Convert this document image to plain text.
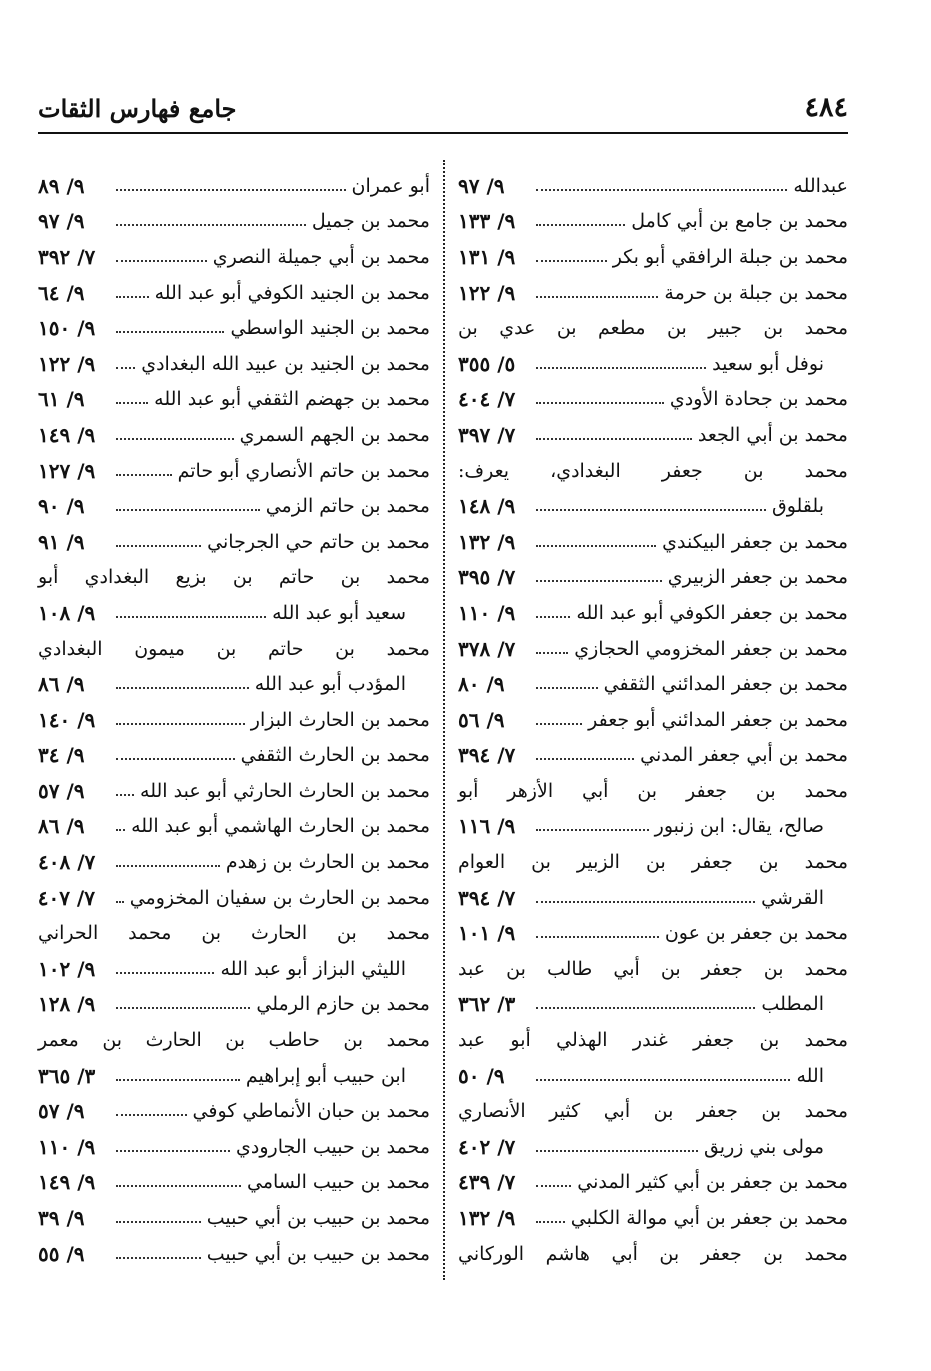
٤٨٤
جامع فهارس الثقات
عبدالله
٩/ ٩٧
محمد بن جامع بن أبي كامل
٩/ ١٣٣
محمد بن جبلة الرافقي أبو بكر
٩/ ١٣١
محمد بن جبلة بن حرمة
٩/ ١٢٢
محمد بن جبير بن مطعم بن عدي بن
نوفل أبو سعيد
٥/ ٣٥٥
محمد بن جحادة الأودي
٧/ ٤٠٤
محمد بن أبي الجعد
٧/ ٣٩٧
محمد بن جعفر البغدادي، يعرف:
بلقلوق
٩/ ١٤٨
محمد بن جعفر البيكندي
٩/ ١٣٢
محمد بن جعفر الزبيري
٧/ ٣٩٥
محمد بن جعفر الكوفي أبو عبد الله
٩/ ١١٠
محمد بن جعفر المخزومي الحجازي
٧/ ٣٧٨
محمد بن جعفر المدائني الثقفي
٩/ ٨٠
محمد بن جعفر المدائني أبو جعفر
٩/ ٥٦
محمد بن أبي جعفر المدني
٧/ ٣٩٤
محمد بن جعفر بن أبي الأزهر أبو
صالح، يقال: ابن زنبور
٩/ ١١٦
محمد بن جعفر بن الزبير بن العوام
القرشي
٧/ ٣٩٤
محمد بن جعفر بن عون
٩/ ١٠١
محمد بن جعفر بن أبي طالب بن عبد
المطلب
٣/ ٣٦٢
محمد بن جعفر غندر الهذلي أبو عبد
الله
٩/ ٥٠
محمد بن جعفر بن أبي كثير الأنصاري
مولى بني زريق
٧/ ٤٠٢
محمد بن جعفر بن أبي كثير المدني
٧/ ٤٣٩
محمد بن جعفر بن أبي موالة الكلبي
٩/ ١٣٢
محمد بن جعفر بن أبي هاشم الوركاني
أبو عمران
٩/ ٨٩
محمد بن جميل
٩/ ٩٧
محمد بن أبي جميلة النصري
٧/ ٣٩٢
محمد بن الجنيد الكوفي أبو عبد الله
٩/ ٦٤
محمد بن الجنيد الواسطي
٩/ ١٥٠
محمد بن الجنيد بن عبيد الله البغدادي
٩/ ١٢٢
محمد بن جهضم الثقفي أبو عبد الله
٩/ ٦١
محمد بن الجهم السمري
٩/ ١٤٩
محمد بن حاتم الأنصاري أبو حاتم
٩/ ١٢٧
محمد بن حاتم الزمي
٩/ ٩٠
محمد بن حاتم حي الجرجاني
٩/ ٩١
محمد بن حاتم بن بزيع البغدادي أبو
سعيد أبو عبد الله
٩/ ١٠٨
محمد بن حاتم بن ميمون البغدادي
المؤدب أبو عبد الله
٩/ ٨٦
محمد بن الحارث البزار
٩/ ١٤٠
محمد بن الحارث الثقفي
٩/ ٣٤
محمد بن الحارث الحارثي أبو عبد الله
٩/ ٥٧
محمد بن الحارث الهاشمي أبو عبد الله
٩/ ٨٦
محمد بن الحارث بن زهدم
٧/ ٤٠٨
محمد بن الحارث بن سفيان المخزومي
٧/ ٤٠٧
محمد بن الحارث بن محمد الحراني
الليثي البزاز أبو عبد الله
٩/ ١٠٢
محمد بن حازم الرملي
٩/ ١٢٨
محمد بن حاطب بن الحارث بن معمر
ابن حبيب أبو إبراهيم
٣/ ٣٦٥
محمد بن حبان الأنماطي كوفي
٩/ ٥٧
محمد بن حبيب الجارودي
٩/ ١١٠
محمد بن حبيب السامي
٩/ ١٤٩
محمد بن حبيب بن أبي حبيب
٩/ ٣٩
محمد بن حبيب بن أبي حبيب
٩/ ٥٥
